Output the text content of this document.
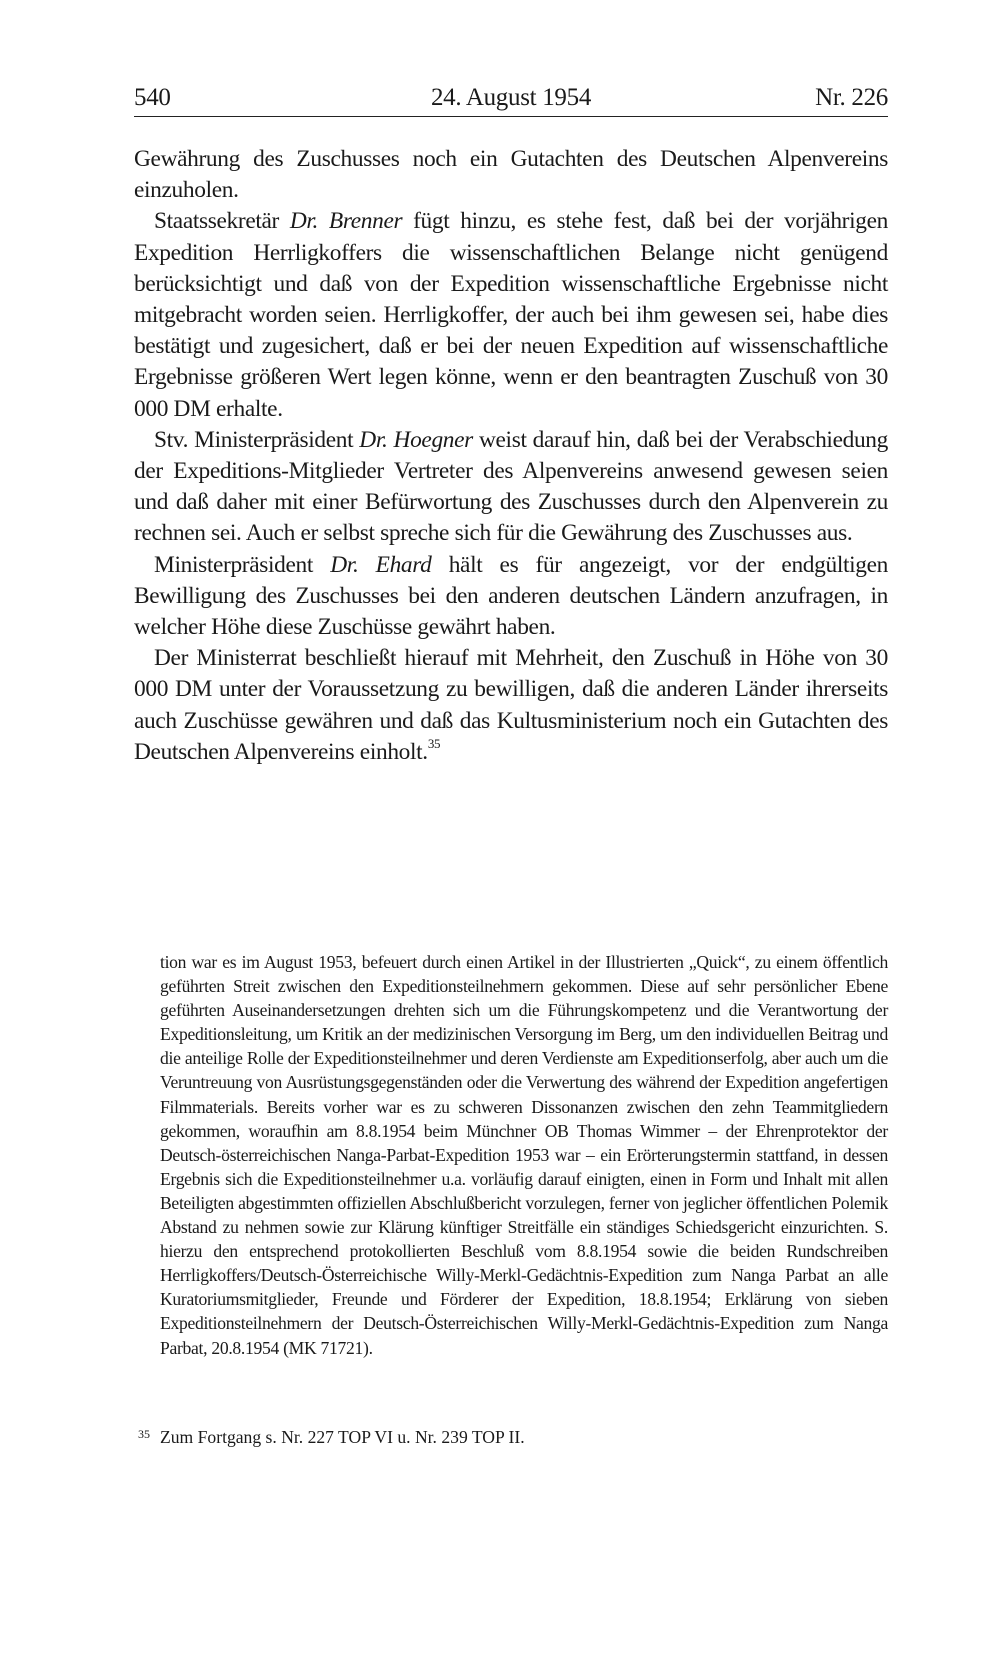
540	24. August 1954	Nr. 226

Gewährung des Zuschusses noch ein Gutachten des Deutschen Alpenvereins einzuholen.

Staatssekretär Dr. Brenner fügt hinzu, es stehe fest, daß bei der vorjährigen Expedition Herrligkoffers die wissenschaftlichen Belange nicht genügend berücksichtigt und daß von der Expedition wissenschaftliche Ergebnisse nicht mitgebracht worden seien. Herrligkoffer, der auch bei ihm gewesen sei, habe dies bestätigt und zugesichert, daß er bei der neuen Expedition auf wissenschaftliche Ergebnisse größeren Wert legen könne, wenn er den beantragten Zuschuß von 30 000 DM erhalte.

Stv. Ministerpräsident Dr. Hoegner weist darauf hin, daß bei der Verabschiedung der Expeditions-Mitglieder Vertreter des Alpenvereins anwesend gewesen seien und daß daher mit einer Befürwortung des Zuschusses durch den Alpenverein zu rechnen sei. Auch er selbst spreche sich für die Gewährung des Zuschusses aus.

Ministerpräsident Dr. Ehard hält es für angezeigt, vor der endgültigen Bewilligung des Zuschusses bei den anderen deutschen Ländern anzufragen, in welcher Höhe diese Zuschüsse gewährt haben.

Der Ministerrat beschließt hierauf mit Mehrheit, den Zuschuß in Höhe von 30 000 DM unter der Voraussetzung zu bewilligen, daß die anderen Länder ihrerseits auch Zuschüsse gewähren und daß das Kultusministerium noch ein Gutachten des Deutschen Alpenvereins einholt.$^{35}$

tion war es im August 1953, befeuert durch einen Artikel in der Illustrierten „Quick“, zu einem öffentlich geführten Streit zwischen den Expeditionsteilnehmern gekommen. Diese auf sehr persönlicher Ebene geführten Auseinandersetzungen drehten sich um die Führungskompetenz und die Verantwortung der Expeditionsleitung, um Kritik an der medizinischen Versorgung im Berg, um den individuellen Beitrag und die anteilige Rolle der Expeditionsteilnehmer und deren Verdienste am Expeditionserfolg, aber auch um die Veruntreuung von Ausrüstungsgegenständen oder die Verwertung des während der Expedition angefertigen Filmmaterials. Bereits vorher war es zu schweren Dissonanzen zwischen den zehn Teammitgliedern gekommen, woraufhin am 8.8.1954 beim Münchner OB Thomas Wimmer – der Ehrenprotektor der Deutsch-österreichischen Nanga-Parbat-Expedition 1953 war – ein Erörterungstermin stattfand, in dessen Ergebnis sich die Expeditionsteilnehmer u.a. vorläufig darauf einigten, einen in Form und Inhalt mit allen Beteiligten abgestimmten offiziellen Abschlußbericht vorzulegen, ferner von jeglicher öffentlichen Polemik Abstand zu nehmen sowie zur Klärung künftiger Streitfälle ein ständiges Schiedsgericht einzurichten. S. hierzu den entsprechend protokollierten Beschluß vom 8.8.1954 sowie die beiden Rundschreiben Herrligkoffers/Deutsch-Österreichische Willy-Merkl-Gedächtnis-Expedition zum Nanga Parbat an alle Kuratoriumsmitglieder, Freunde und Förderer der Expedition, 18.8.1954; Erklärung von sieben Expeditionsteilnehmern der Deutsch-Österreichischen Willy-Merkl-Gedächtnis-Expedition zum Nanga Parbat, 20.8.1954 (MK 71721).

35 Zum Fortgang s. Nr. 227 TOP VI u. Nr. 239 TOP II.
